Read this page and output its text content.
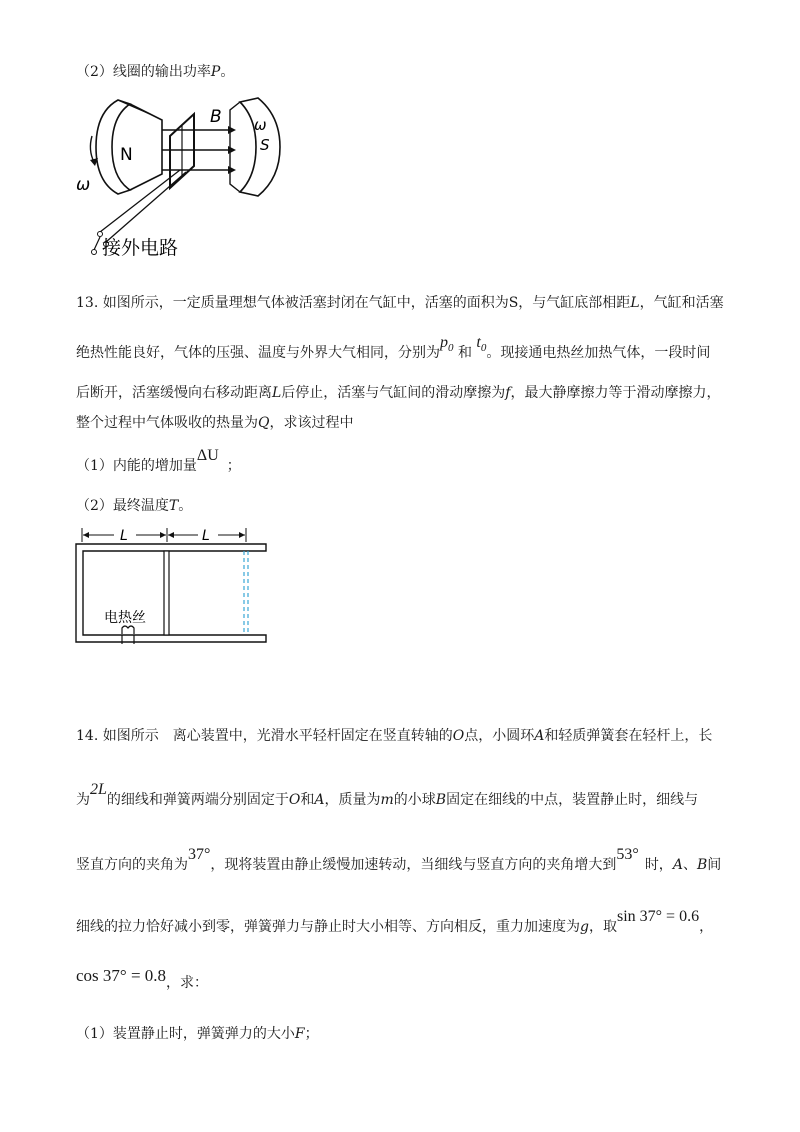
（2）线圈的输出功率P。
N	S
ω
B
ω
接外电路
13. 如图所示，一定质量理想气体被活塞封闭在气缸中，活塞的面积为S，与气缸底部相距L，气缸和活塞
绝热性能良好，气体的压强、温度与外界大气相同，分别为$p_0$ 和 $t_0$。现接通电热丝加热气体，一段时间
后断开，活塞缓慢向右移动距离L后停止，活塞与气缸间的滑动摩擦为f，最大静摩擦力等于滑动摩擦力，
整个过程中气体吸收的热量为Q，求该过程中
（1）内能的增加量ΔU；
（2）最终温度T。
L	L
电热丝
14. 如图所示　离心装置中，光滑水平轻杆固定在竖直转轴的O点，小圆环A和轻质弹簧套在轻杆上，长
为2L的细线和弹簧两端分别固定于O和A，质量为m的小球B固定在细线的中点，装置静止时，细线与
竖直方向的夹角为37°，现将装置由静止缓慢加速转动，当细线与竖直方向的夹角增大到53°时，A、B间
细线的拉力恰好减小到零，弹簧弹力与静止时大小相等、方向相反，重力加速度为g，取sin 37° = 0.6，
cos 37° = 0.8，求：
（1）装置静止时，弹簧弹力的大小F；
